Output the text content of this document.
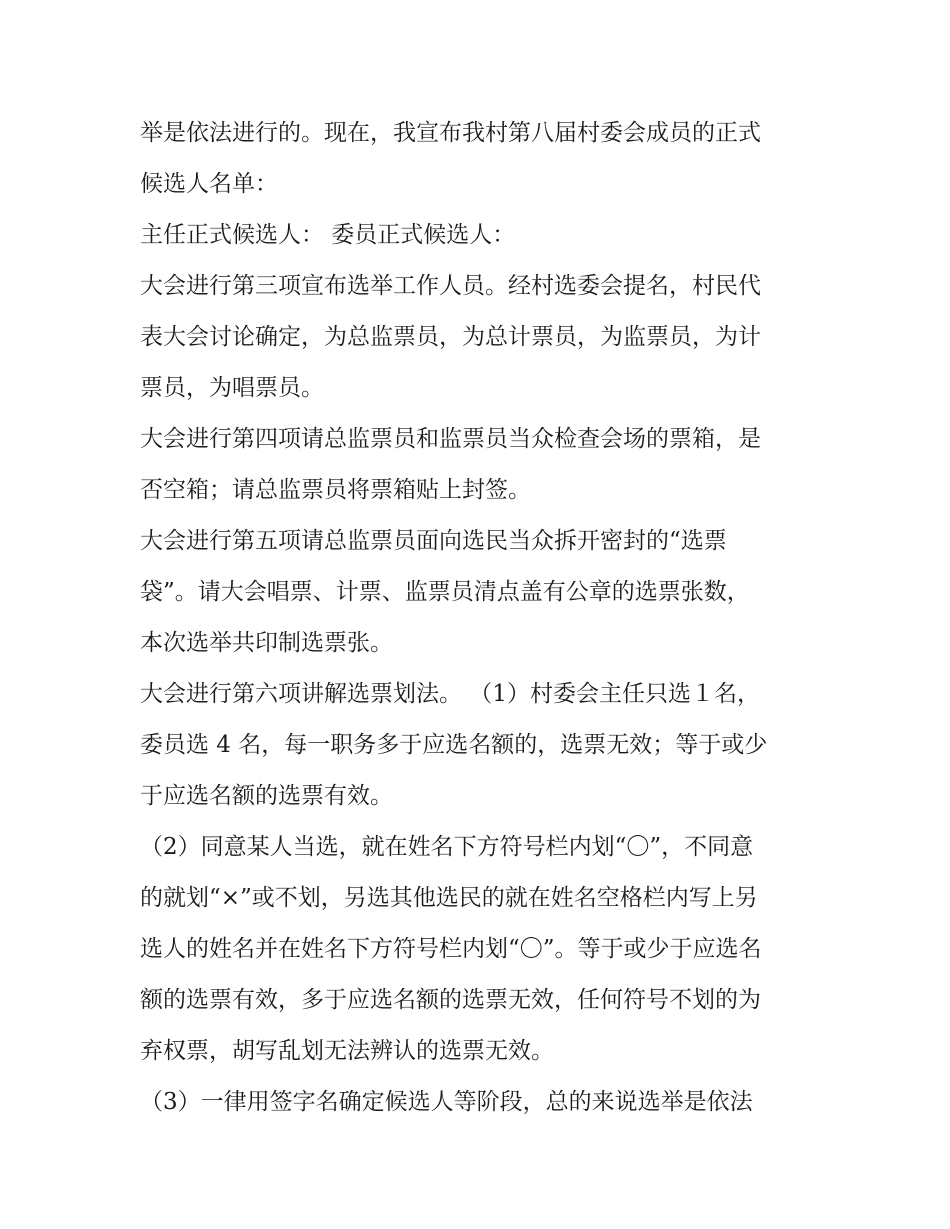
举是依法进行的。现在，我宣布我村第八届村委会成员的正式

候选人名单：

主任正式候选人： 委员正式候选人：

大会进行第三项宣布选举工作人员。经村选委会提名，村民代

表大会讨论确定，为总监票员，为总计票员，为监票员，为计

票员，为唱票员。

大会进行第四项请总监票员和监票员当众检查会场的票箱，是

否空箱；请总监票员将票箱贴上封签。

大会进行第五项请总监票员面向选民当众拆开密封的“选票

袋”。请大会唱票、计票、监票员清点盖有公章的选票张数，

本次选举共印制选票张。

大会进行第六项讲解选票划法。 （1）村委会主任只选１名，

委员选 4 名，每一职务多于应选名额的，选票无效；等于或少

于应选名额的选票有效。

（2）同意某人当选，就在姓名下方符号栏内划“〇”，不同意

的就划“×”或不划，另选其他选民的就在姓名空格栏内写上另

选人的姓名并在姓名下方符号栏内划“〇”。等于或少于应选名

额的选票有效，多于应选名额的选票无效，任何符号不划的为

弃权票，胡写乱划无法辨认的选票无效。

（3）一律用签字名确定候选人等阶段，总的来说选举是依法
